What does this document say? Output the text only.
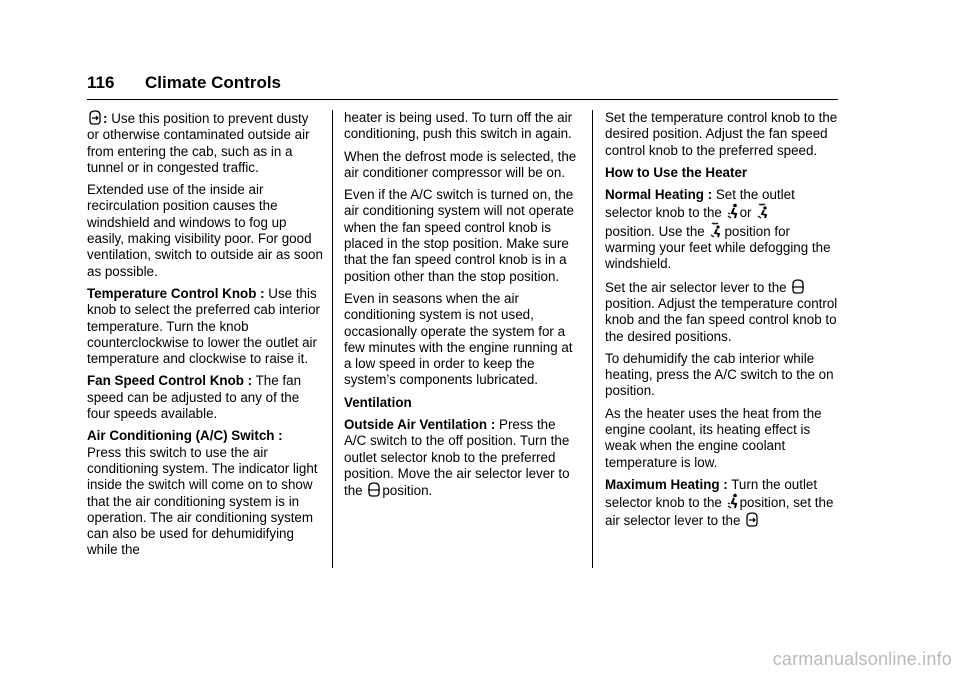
116 Climate Controls

: Use this position to prevent dusty or otherwise contaminated outside air from entering the cab, such as in a tunnel or in congested traffic.

Extended use of the inside air recirculation position causes the windshield and windows to fog up easily, making visibility poor. For good ventilation, switch to outside air as soon as possible.

Temperature Control Knob : Use this knob to select the preferred cab interior temperature. Turn the knob counterclockwise to lower the outlet air temperature and clockwise to raise it.

Fan Speed Control Knob : The fan speed can be adjusted to any of the four speeds available.

Air Conditioning (A/C) Switch :
Press this switch to use the air conditioning system. The indicator light inside the switch will come on to show that the air conditioning system is in operation. The air conditioning system can also be used for dehumidifying while the

heater is being used. To turn off the air conditioning, push this switch in again.

When the defrost mode is selected, the air conditioner compressor will be on.

Even if the A/C switch is turned on, the air conditioning system will not operate when the fan speed control knob is placed in the stop position. Make sure that the fan speed control knob is in a position other than the stop position.

Even in seasons when the air conditioning system is not used, occasionally operate the system for a few minutes with the engine running at a low speed in order to keep the system’s components lubricated.

Ventilation

Outside Air Ventilation : Press the A/C switch to the off position. Turn the outlet selector knob to the preferred position. Move the air selector lever to the position.

Set the temperature control knob to the desired position. Adjust the fan speed control knob to the preferred speed.

How to Use the Heater

Normal Heating : Set the outlet selector knob to the or

position. Use the position for warming your feet while defogging the windshield.

Set the air selector lever to the

position. Adjust the temperature control knob and the fan speed control knob to the desired positions.

To dehumidify the cab interior while heating, press the A/C switch to the on position.

As the heater uses the heat from the engine coolant, its heating effect is weak when the engine coolant temperature is low.

Maximum Heating : Turn the outlet selector knob to the position, set the air selector lever to the

carmanualsonline.info
